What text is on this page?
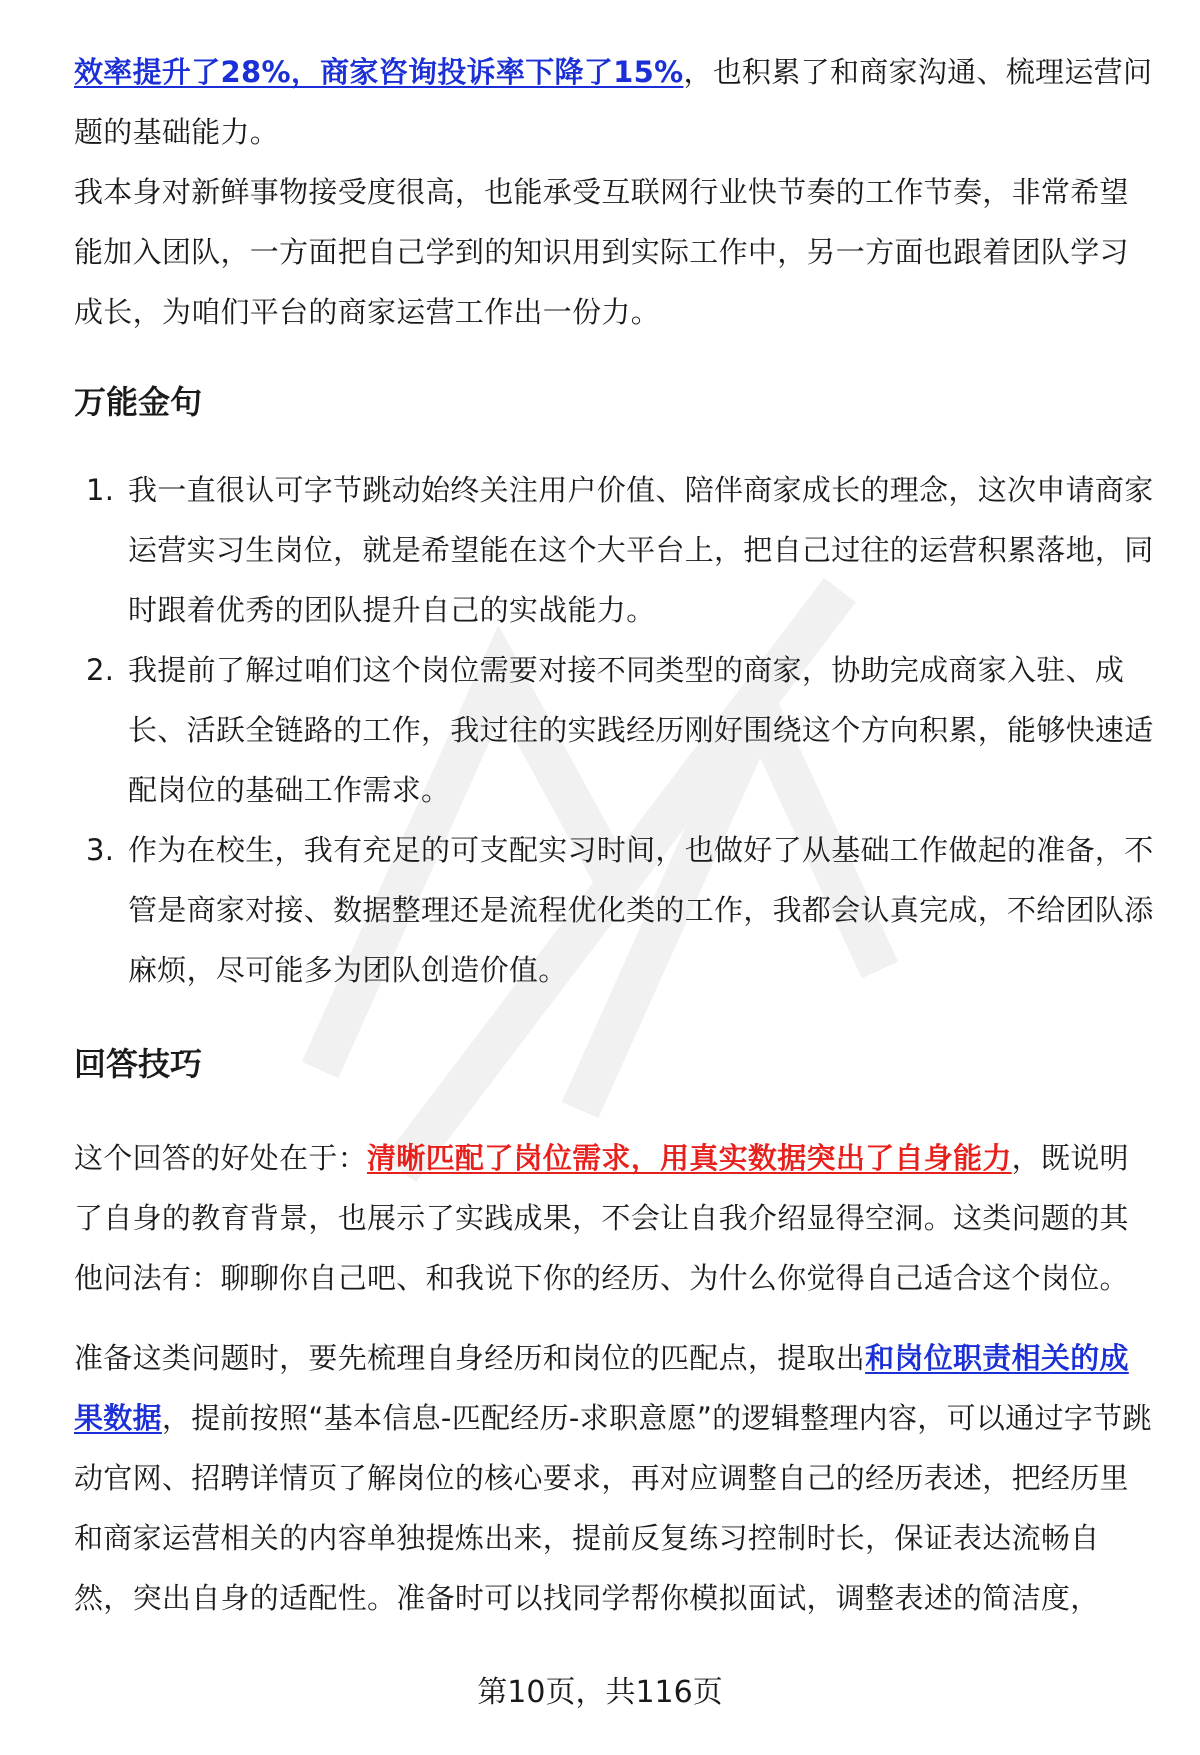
效率提升了28%，商家咨询投诉率下降了15%，也积累了和商家沟通、梳理运营问题的基础能力。

我本身对新鲜事物接受度很高，也能承受互联网行业快节奏的工作节奏，非常希望能加入团队，一方面把自己学到的知识用到实际工作中，另一方面也跟着团队学习成长，为咱们平台的商家运营工作出一份力。

万能金句
1. 我一直很认可字节跳动始终关注用户价值、陪伴商家成长的理念，这次申请商家运营实习生岗位，就是希望能在这个大平台上，把自己过往的运营积累落地，同时跟着优秀的团队提升自己的实战能力。
2. 我提前了解过咱们这个岗位需要对接不同类型的商家，协助完成商家入驻、成长、活跃全链路的工作，我过往的实践经历刚好围绕这个方向积累，能够快速适配岗位的基础工作需求。
3. 作为在校生，我有充足的可支配实习时间，也做好了从基础工作做起的准备，不管是商家对接、数据整理还是流程优化类的工作，我都会认真完成，不给团队添麻烦，尽可能多为团队创造价值。
回答技巧

这个回答的好处在于：清晰匹配了岗位需求，用真实数据突出了自身能力，既说明了自身的教育背景，也展示了实践成果，不会让自我介绍显得空洞。这类问题的其他问法有：聊聊你自己吧、和我说下你的经历、为什么你觉得自己适合这个岗位。

准备这类问题时，要先梳理自身经历和岗位的匹配点，提取出和岗位职责相关的成果数据，提前按照“基本信息-匹配经历-求职意愿”的逻辑整理内容，可以通过字节跳动官网、招聘详情页了解岗位的核心要求，再对应调整自己的经历表述，把经历里和商家运营相关的内容单独提炼出来，提前反复练习控制时长，保证表达流畅自然，突出自身的适配性。准备时可以找同学帮你模拟面试，调整表述的简洁度，

第10页，共116页
